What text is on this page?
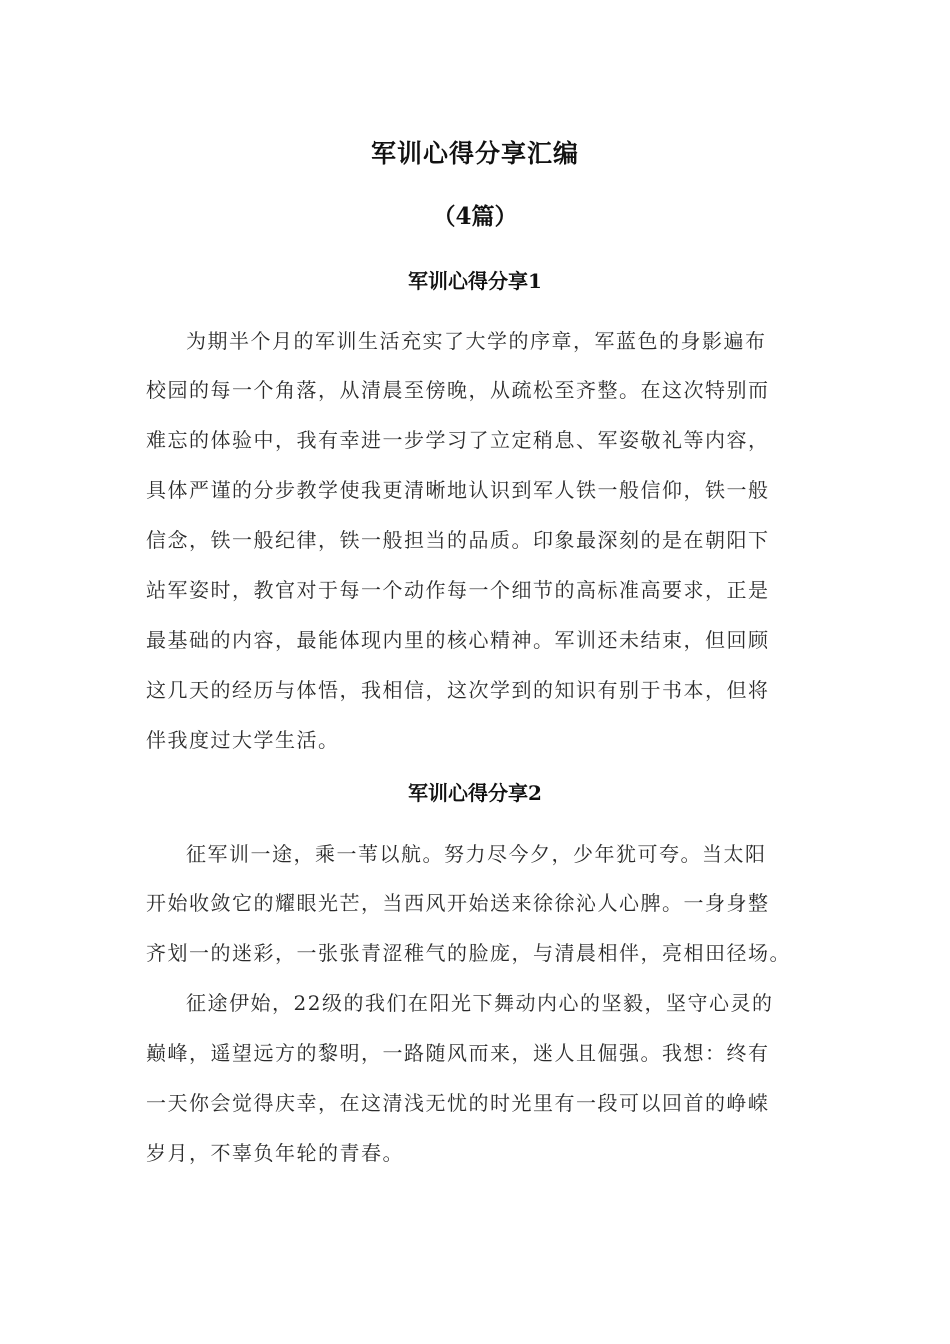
军训心得分享汇编
（4篇）
军训心得分享1
为期半个月的军训生活充实了大学的序章，军蓝色的身影遍布
校园的每一个角落，从清晨至傍晚，从疏松至齐整。在这次特别而
难忘的体验中，我有幸进一步学习了立定稍息、军姿敬礼等内容，
具体严谨的分步教学使我更清晰地认识到军人铁一般信仰，铁一般
信念，铁一般纪律，铁一般担当的品质。印象最深刻的是在朝阳下
站军姿时，教官对于每一个动作每一个细节的高标准高要求，正是
最基础的内容，最能体现内里的核心精神。军训还未结束，但回顾
这几天的经历与体悟，我相信，这次学到的知识有别于书本，但将
伴我度过大学生活。
军训心得分享2
征军训一途，乘一苇以航。努力尽今夕，少年犹可夸。当太阳
开始收敛它的耀眼光芒，当西风开始送来徐徐沁人心脾。一身身整
齐划一的迷彩，一张张青涩稚气的脸庞，与清晨相伴，亮相田径场。
征途伊始，22级的我们在阳光下舞动内心的坚毅，坚守心灵的
巅峰，遥望远方的黎明，一路随风而来，迷人且倔强。我想：终有
一天你会觉得庆幸，在这清浅无忧的时光里有一段可以回首的峥嵘
岁月，不辜负年轮的青春。
